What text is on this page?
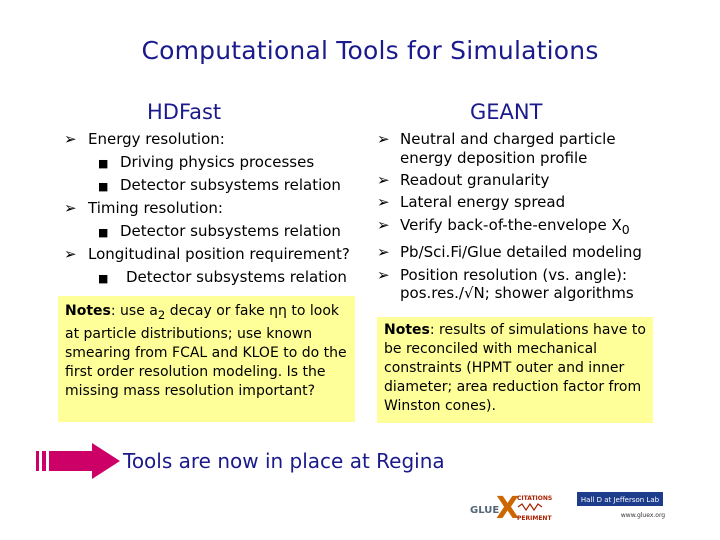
Computational Tools for Simulations
HDFast	GEANT
➢ Energy resolution:
■ Driving physics processes
■ Detector subsystems relation
➢ Timing resolution:
■ Detector subsystems relation
➢ Longitudinal position requirement?
■ Detector subsystems relation
➢ Neutral and charged particle
energy deposition profile
➢ Readout granularity
➢ Lateral energy spread
➢ Verify back-of-the-envelope $X_0$
➢ Pb/Sci.Fi/Glue detailed modeling
➢ Position resolution (vs. angle):
pos.res./√N; shower algorithms
Notes: use $a_2$ decay or fake ηη to look at particle distributions; use known smearing from FCAL and KLOE to do the first order resolution modeling. Is the missing mass resolution important?
Notes: results of simulations have to be reconciled with mechanical constraints (HPMT outer and inner diameter; area reduction factor from Winston cones).
Tools are now in place at Regina
GLUE
X
CITATIONS
PERIMENT
Hall D at Jefferson Lab
www.gluex.org
